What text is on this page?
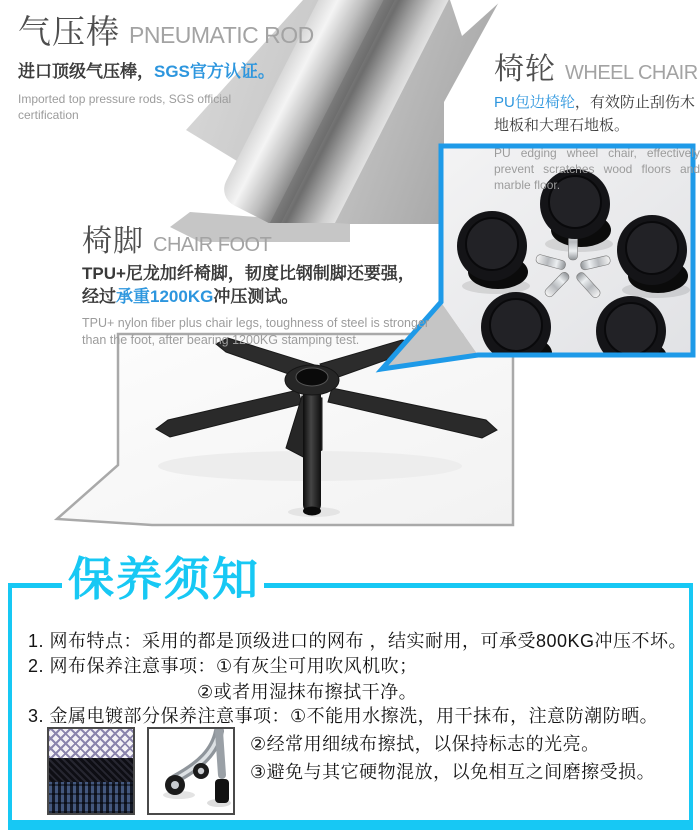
气压棒 PNEUMATIC ROD
进口顶级气压棒，SGS官方认证。
Imported top pressure rods, SGS official
certification
椅轮 WHEEL CHAIR
PU包边椅轮，有效防止刮伤木地板和大理石地板。
PU edging wheel chair, effectively prevent scratches wood floors and marble floor.
椅脚 CHAIR FOOT
TPU+尼龙加纤椅脚，韧度比钢制脚还要强，
经过承重1200KG冲压测试。
TPU+ nylon fiber plus chair legs, toughness of steel is stronger
than the foot, after bearing 1200KG stamping test.
保养须知
1. 网布特点：采用的都是顶级进口的网布 ，结实耐用，可承受800KG冲压不坏。
2. 网布保养注意事项：①有灰尘可用吹风机吹；
②或者用湿抹布擦拭干净。
3. 金属电镀部分保养注意事项：①不能用水擦洗，用干抹布，注意防潮防晒。
②经常用细绒布擦拭，以保持标志的光亮。
③避免与其它硬物混放，以免相互之间磨擦受损。
